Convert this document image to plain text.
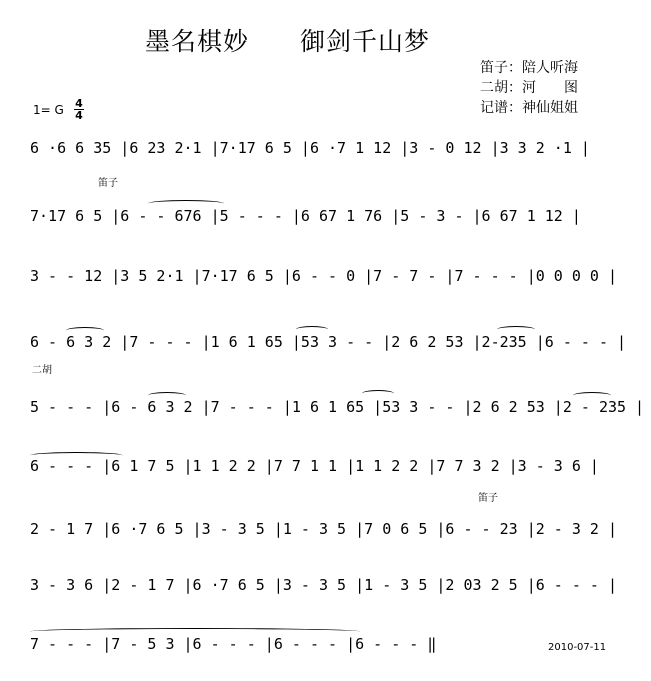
墨名棋妙 御剑千山梦
笛子：陪人听海
二胡：河　　图
记谱：神仙姐姐
1= G 4
4
6 ·6 6 35 |6 23 2·1 |7·17 6 5 |6 ·7 1 12 |3 - 0 12 |3 3 2 ·1 |
7·17 6 5 |6 - - 676 |5 - - - |6 67 1 76 |5 - 3 - |6 67 1 12 |
3 - - 12 |3 5 2·1 |7·17 6 5 |6 - - 0 |7 - 7 - |7 - - - |0 0 0 0 |
6 - 6 3 2 |7 - - - |1 6 1 65 |53 3 - - |2 6 2 53 |2-235 |6 - - - |
5 - - - |6 - 6 3 2 |7 - - - |1 6 1 65 |53 3 - - |2 6 2 53 |2 - 235 |
6 - - - |6 1 7 5 |1 1 2 2 |7 7 1 1 |1 1 2 2 |7 7 3 2 |3 - 3 6 |
2 - 1 7 |6 ·7 6 5 |3 - 3 5 |1 - 3 5 |7 0 6 5 |6 - - 23 |2 - 3 2 |
3 - 3 6 |2 - 1 7 |6 ·7 6 5 |3 - 3 5 |1 - 3 5 |2 03 2 5 |6 - - - |
7 - - - |7 - 5 3 |6 - - - |6 - - - |6 - - - ‖
笛子
二胡
笛子
2010-07-11
